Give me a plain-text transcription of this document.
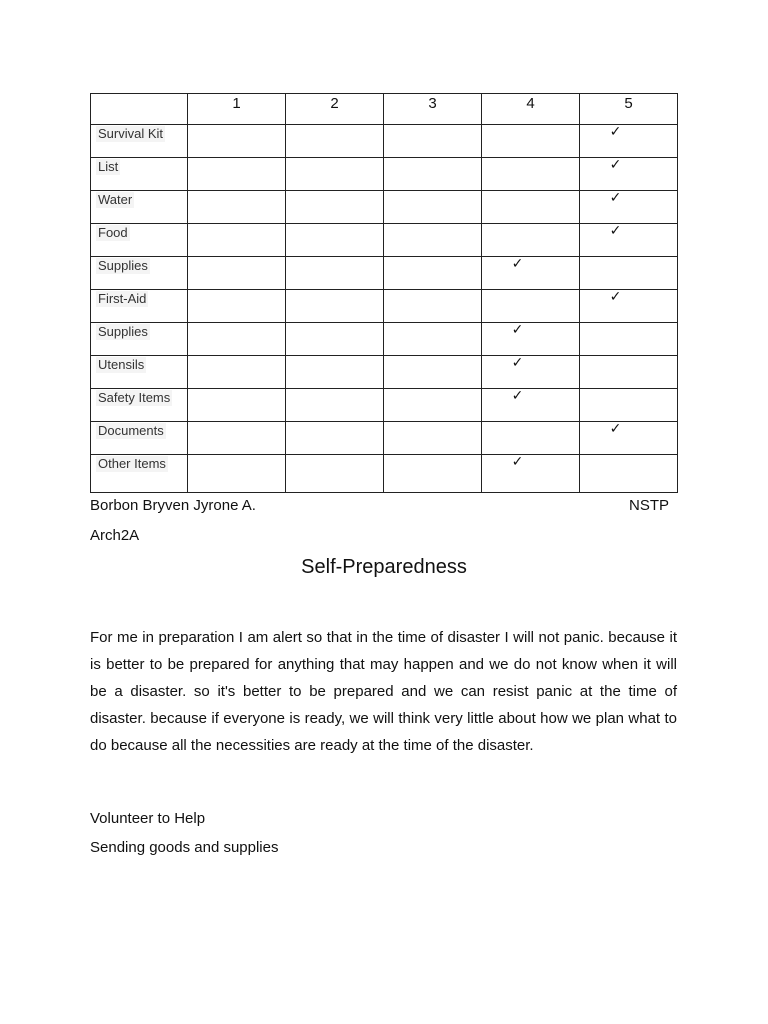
	1	2	3	4	5
Survival Kit					✓

List					✓

Water					✓

Food					✓

Supplies				✓	

First-Aid					✓

Supplies				✓	

Utensils				✓	

Safety Items				✓	

Documents					✓

Other Items				✓	

Borbon Bryven Jyrone A.	NSTP
Arch2A
Self-Preparedness

For me in preparation I am alert so that in the time of disaster I will not panic. because it is better to be prepared for anything that may happen and we do not know when it will be a disaster. so it's better to be prepared and we can resist panic at the time of disaster. because if everyone is ready, we will think very little about how we plan what to do because all the necessities are ready at the time of the disaster.

Volunteer to Help
Sending goods and supplies
